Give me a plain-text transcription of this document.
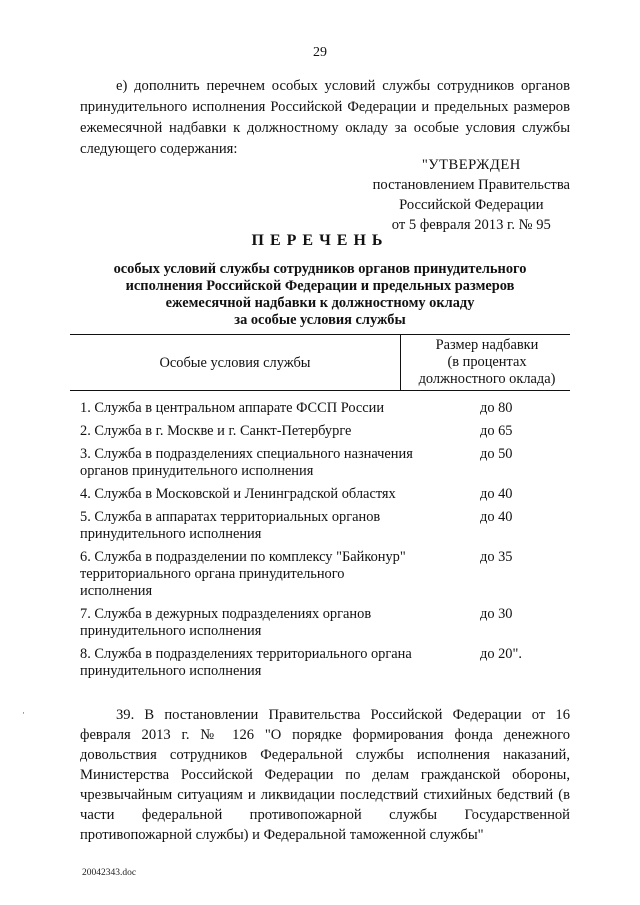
29

е) дополнить перечнем особых условий службы сотрудников органов принудительного исполнения Российской Федерации и предельных размеров ежемесячной надбавки к должностному окладу за особые условия службы следующего содержания:

"УТВЕРЖДЕН
постановлением Правительства
Российской Федерации
от 5 февраля 2013 г. № 95
ПЕРЕЧЕНЬ
особых условий службы сотрудников органов принудительного
исполнения Российской Федерации и предельных размеров
ежемесячной надбавки к должностному окладу
за особые условия службы
Особые условия службы
Размер надбавки
(в процентах
должностного оклада)
1. Служба в центральном аппарате ФССП России	до 80
2. Служба в г. Москве и г. Санкт-Петербурге	до 65
3. Служба в подразделениях специального назначения органов принудительного исполнения
до 50
4. Служба в Московской и Ленинградской областях	до 40
5. Служба в аппаратах территориальных органов принудительного исполнения
до 40
6. Служба в подразделении по комплексу "Байконур" территориального органа принудительного исполнения
до 35
7. Служба в дежурных подразделениях органов принудительного исполнения
до 30
8. Служба в подразделениях территориального органа принудительного исполнения
до 20".
·	39. В постановлении Правительства Российской Федерации от 16 февраля 2013 г. № 126 "О порядке формирования фонда денежного довольствия сотрудников Федеральной службы исполнения наказаний, Министерства Российской Федерации по делам гражданской обороны, чрезвычайным ситуациям и ликвидации последствий стихийных бедствий (в части федеральной противопожарной службы Государственной противопожарной службы) и Федеральной таможенной службы"

20042343.doc
